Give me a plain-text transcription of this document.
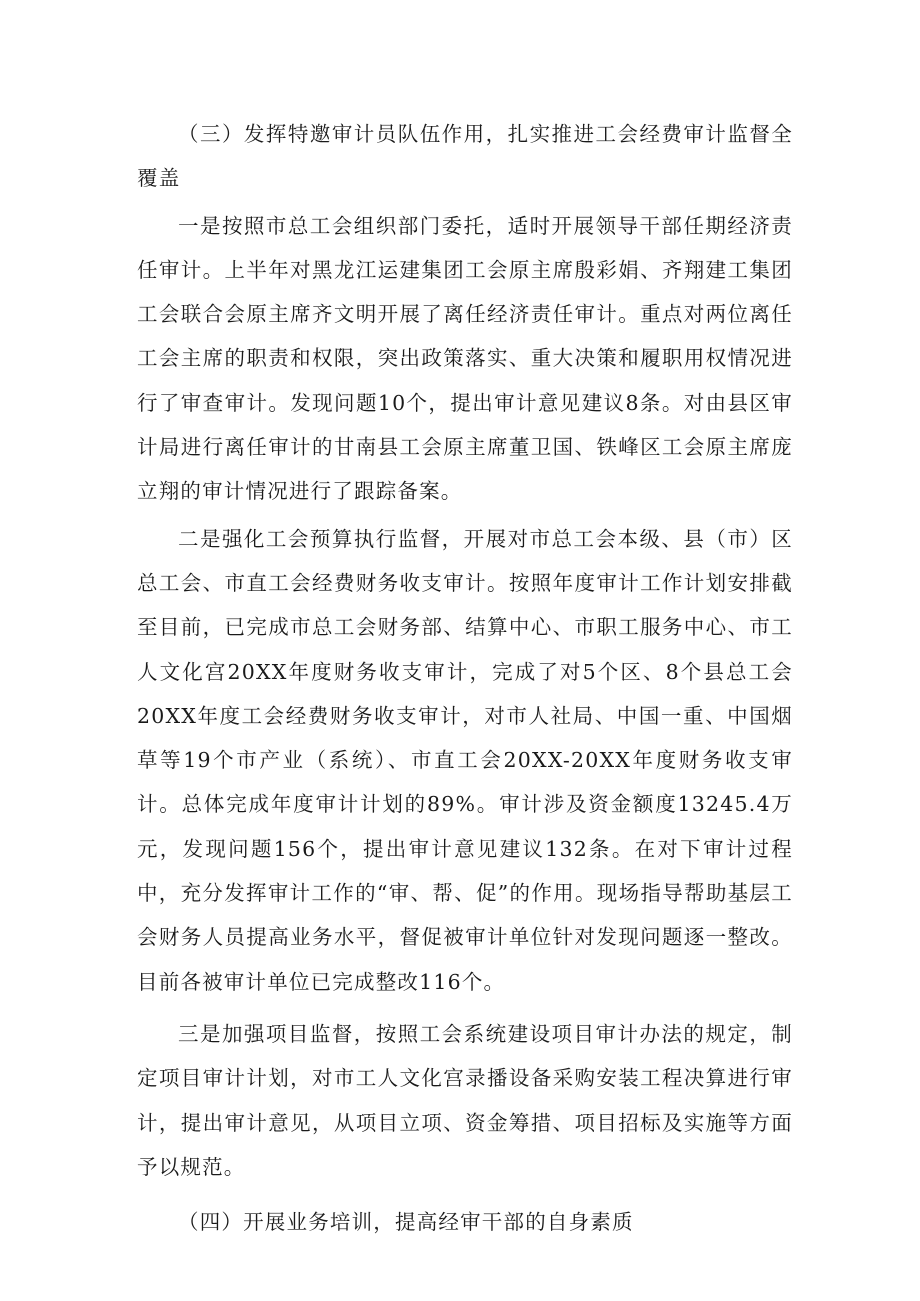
（三）发挥特邀审计员队伍作用，扎实推进工会经费审计监督全覆盖

一是按照市总工会组织部门委托，适时开展领导干部任期经济责任审计。上半年对黑龙江运建集团工会原主席殷彩娟、齐翔建工集团工会联合会原主席齐文明开展了离任经济责任审计。重点对两位离任工会主席的职责和权限，突出政策落实、重大决策和履职用权情况进行了审查审计。发现问题10个，提出审计意见建议8条。对由县区审计局进行离任审计的甘南县工会原主席董卫国、铁峰区工会原主席庞立翔的审计情况进行了跟踪备案。

二是强化工会预算执行监督，开展对市总工会本级、县（市）区总工会、市直工会经费财务收支审计。按照年度审计工作计划安排截至目前，已完成市总工会财务部、结算中心、市职工服务中心、市工人文化宫20XX年度财务收支审计，完成了对5个区、8个县总工会20XX年度工会经费财务收支审计，对市人社局、中国一重、中国烟草等19个市产业（系统）、市直工会20XX-20XX年度财务收支审计。总体完成年度审计计划的89%。审计涉及资金额度13245.4万元，发现问题156个，提出审计意见建议132条。在对下审计过程中，充分发挥审计工作的“审、帮、促”的作用。现场指导帮助基层工会财务人员提高业务水平，督促被审计单位针对发现问题逐一整改。目前各被审计单位已完成整改116个。

三是加强项目监督，按照工会系统建设项目审计办法的规定，制定项目审计计划，对市工人文化宫录播设备采购安装工程决算进行审计，提出审计意见，从项目立项、资金筹措、项目招标及实施等方面予以规范。

（四）开展业务培训，提高经审干部的自身素质
